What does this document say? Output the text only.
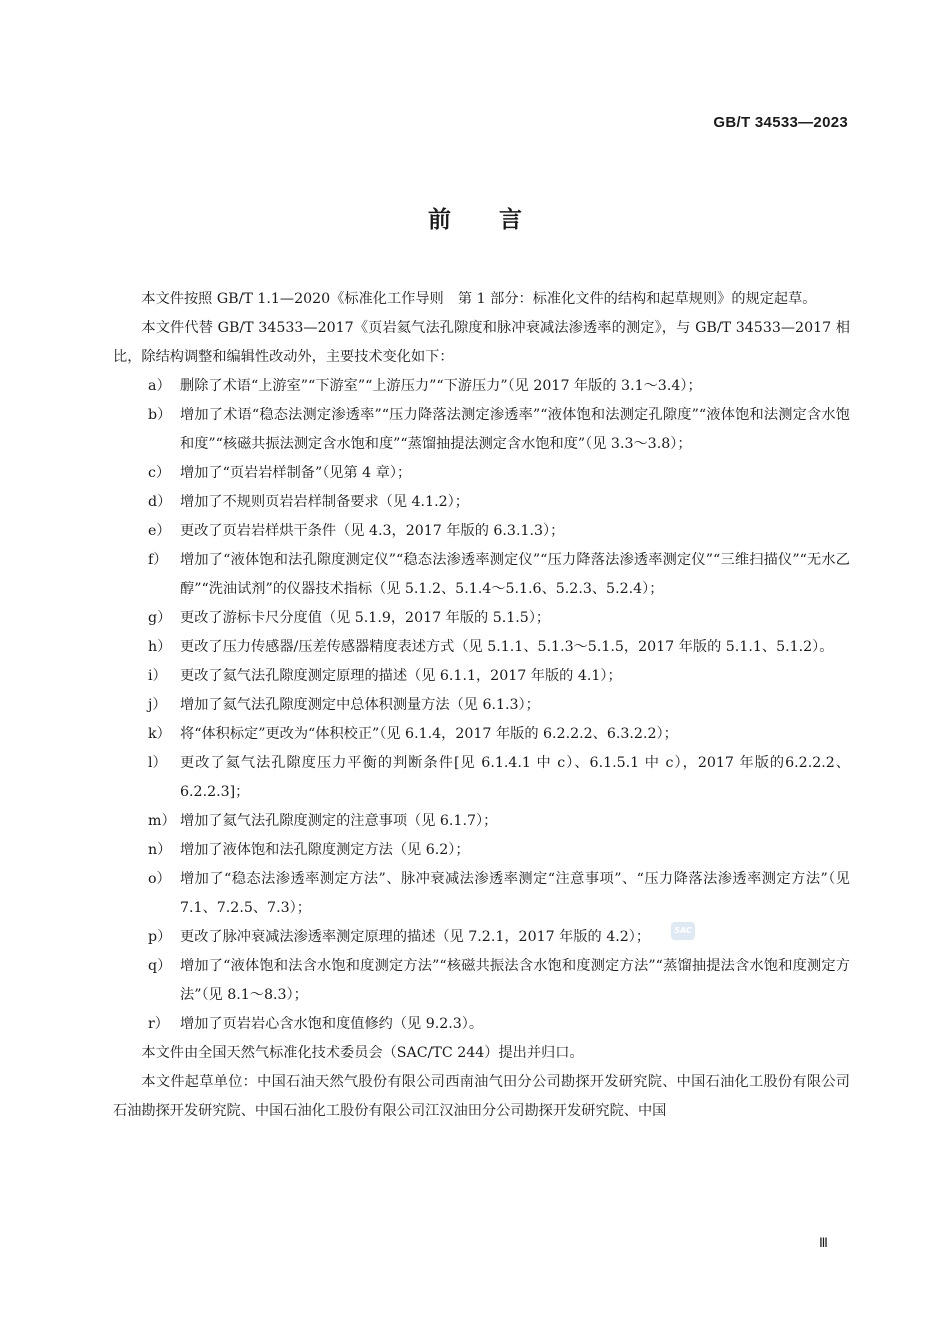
GB/T 34533—2023
前言

本文件按照 GB/T 1.1—2020《标准化工作导则　第 1 部分：标准化文件的结构和起草规则》的规定起草。

本文件代替 GB/T 34533—2017《页岩氦气法孔隙度和脉冲衰减法渗透率的测定》，与 GB/T 34533—2017 相比，除结构调整和编辑性改动外，主要技术变化如下：

a） 删除了术语“上游室”“下游室”“上游压力”“下游压力”（见 2017 年版的 3.1～3.4）；
b） 增加了术语“稳态法测定渗透率”“压力降落法测定渗透率”“液体饱和法测定孔隙度”“液体饱和法测定含水饱和度”“核磁共振法测定含水饱和度”“蒸馏抽提法测定含水饱和度”（见 3.3～3.8）；
c） 增加了“页岩岩样制备”（见第 4 章）；
d） 增加了不规则页岩岩样制备要求（见 4.1.2）；
e） 更改了页岩岩样烘干条件（见 4.3，2017 年版的 6.3.1.3）；
f） 增加了“液体饱和法孔隙度测定仪”“稳态法渗透率测定仪”“压力降落法渗透率测定仪”“三维扫描仪”“无水乙醇”“洗油试剂”的仪器技术指标（见 5.1.2、5.1.4～5.1.6、5.2.3、5.2.4）；
g） 更改了游标卡尺分度值（见 5.1.9，2017 年版的 5.1.5）；
h） 更改了压力传感器/压差传感器精度表述方式（见 5.1.1、5.1.3～5.1.5，2017 年版的 5.1.1、5.1.2）。
i） 更改了氦气法孔隙度测定原理的描述（见 6.1.1，2017 年版的 4.1）；
j） 增加了氦气法孔隙度测定中总体积测量方法（见 6.1.3）；
k） 将“体积标定”更改为“体积校正”（见 6.1.4，2017 年版的 6.2.2.2、6.3.2.2）；
l） 更改了氦气法孔隙度压力平衡的判断条件[见 6.1.4.1 中 c）、6.1.5.1 中 c），2017 年版的6.2.2.2、6.2.2.3]；
m） 增加了氦气法孔隙度测定的注意事项（见 6.1.7）；
n） 增加了液体饱和法孔隙度测定方法（见 6.2）；
o） 增加了“稳态法渗透率测定方法”、脉冲衰减法渗透率测定“注意事项”、“压力降落法渗透率测定方法”（见 7.1、7.2.5、7.3）；
p） 更改了脉冲衰减法渗透率测定原理的描述（见 7.2.1，2017 年版的 4.2）；
q） 增加了“液体饱和法含水饱和度测定方法”“核磁共振法含水饱和度测定方法”“蒸馏抽提法含水饱和度测定方法”（见 8.1～8.3）；
r） 增加了页岩岩心含水饱和度值修约（见 9.2.3）。

本文件由全国天然气标准化技术委员会（SAC/TC 244）提出并归口。

本文件起草单位：中国石油天然气股份有限公司西南油气田分公司勘探开发研究院、中国石油化工股份有限公司石油勘探开发研究院、中国石油化工股份有限公司江汉油田分公司勘探开发研究院、中国

SAC
Ⅲ
